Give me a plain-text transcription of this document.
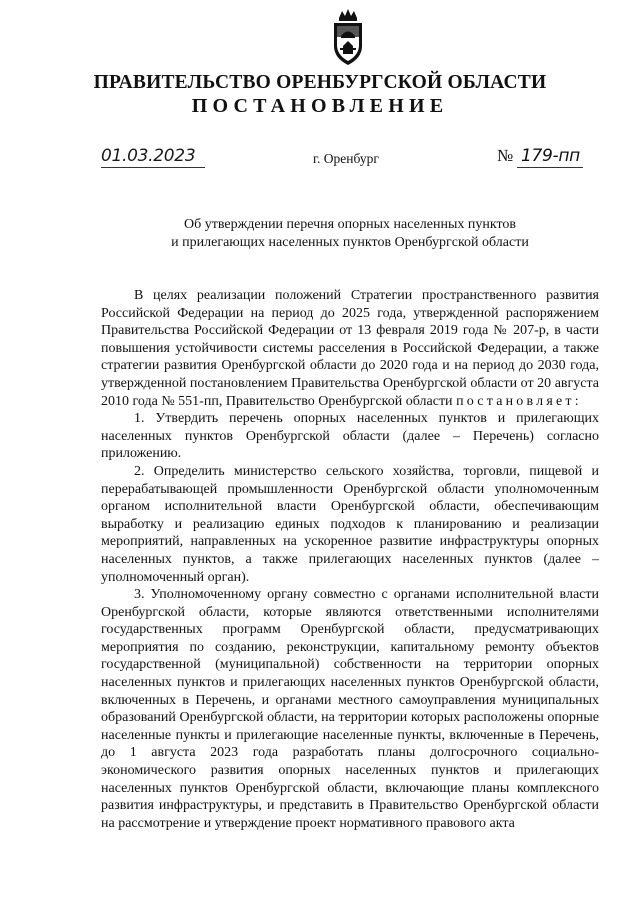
ПРАВИТЕЛЬСТВО ОРЕНБУРГСКОЙ ОБЛАСТИ
ПОСТАНОВЛЕНИЕ
01.03.2023	г. Оренбург	№ 179-пп
Об утверждении перечня опорных населенных пунктов
и прилегающих населенных пунктов Оренбургской области

В целях реализации положений Стратегии пространственного развития Российской Федерации на период до 2025 года, утвержденной распоряжением Правительства Российской Федерации от 13 февраля 2019 года № 207-р, в части повышения устойчивости системы расселения в Российской Федерации, а также стратегии развития Оренбургской области до 2020 года и на период до 2030 года, утвержденной постановлением Правительства Оренбургской области от 20 августа 2010 года № 551-пп, Правительство Оренбургской области постановляет:

1. Утвердить перечень опорных населенных пунктов и прилегающих населенных пунктов Оренбургской области (далее – Перечень) согласно приложению.

2. Определить министерство сельского хозяйства, торговли, пищевой и перерабатывающей промышленности Оренбургской области уполномоченным органом исполнительной власти Оренбургской области, обеспечивающим выработку и реализацию единых подходов к планированию и реализации мероприятий, направленных на ускоренное развитие инфраструктуры опорных населенных пунктов, а также прилегающих населенных пунктов (далее – уполномоченный орган).

3. Уполномоченному органу совместно с органами исполнительной власти Оренбургской области, которые являются ответственными исполнителями государственных программ Оренбургской области, предусматривающих мероприятия по созданию, реконструкции, капитальному ремонту объектов государственной (муниципальной) собственности на территории опорных населенных пунктов и прилегающих населенных пунктов Оренбургской области, включенных в Перечень, и органами местного самоуправления муниципальных образований Оренбургской области, на территории которых расположены опорные населенные пункты и прилегающие населенные пункты, включенные в Перечень, до 1 августа 2023 года разработать планы долгосрочного социально-экономического развития опорных населенных пунктов и прилегающих населенных пунктов Оренбургской области, включающие планы комплексного развития инфраструктуры, и представить в Правительство Оренбургской области на рассмотрение и утверждение проект нормативного правового акта
